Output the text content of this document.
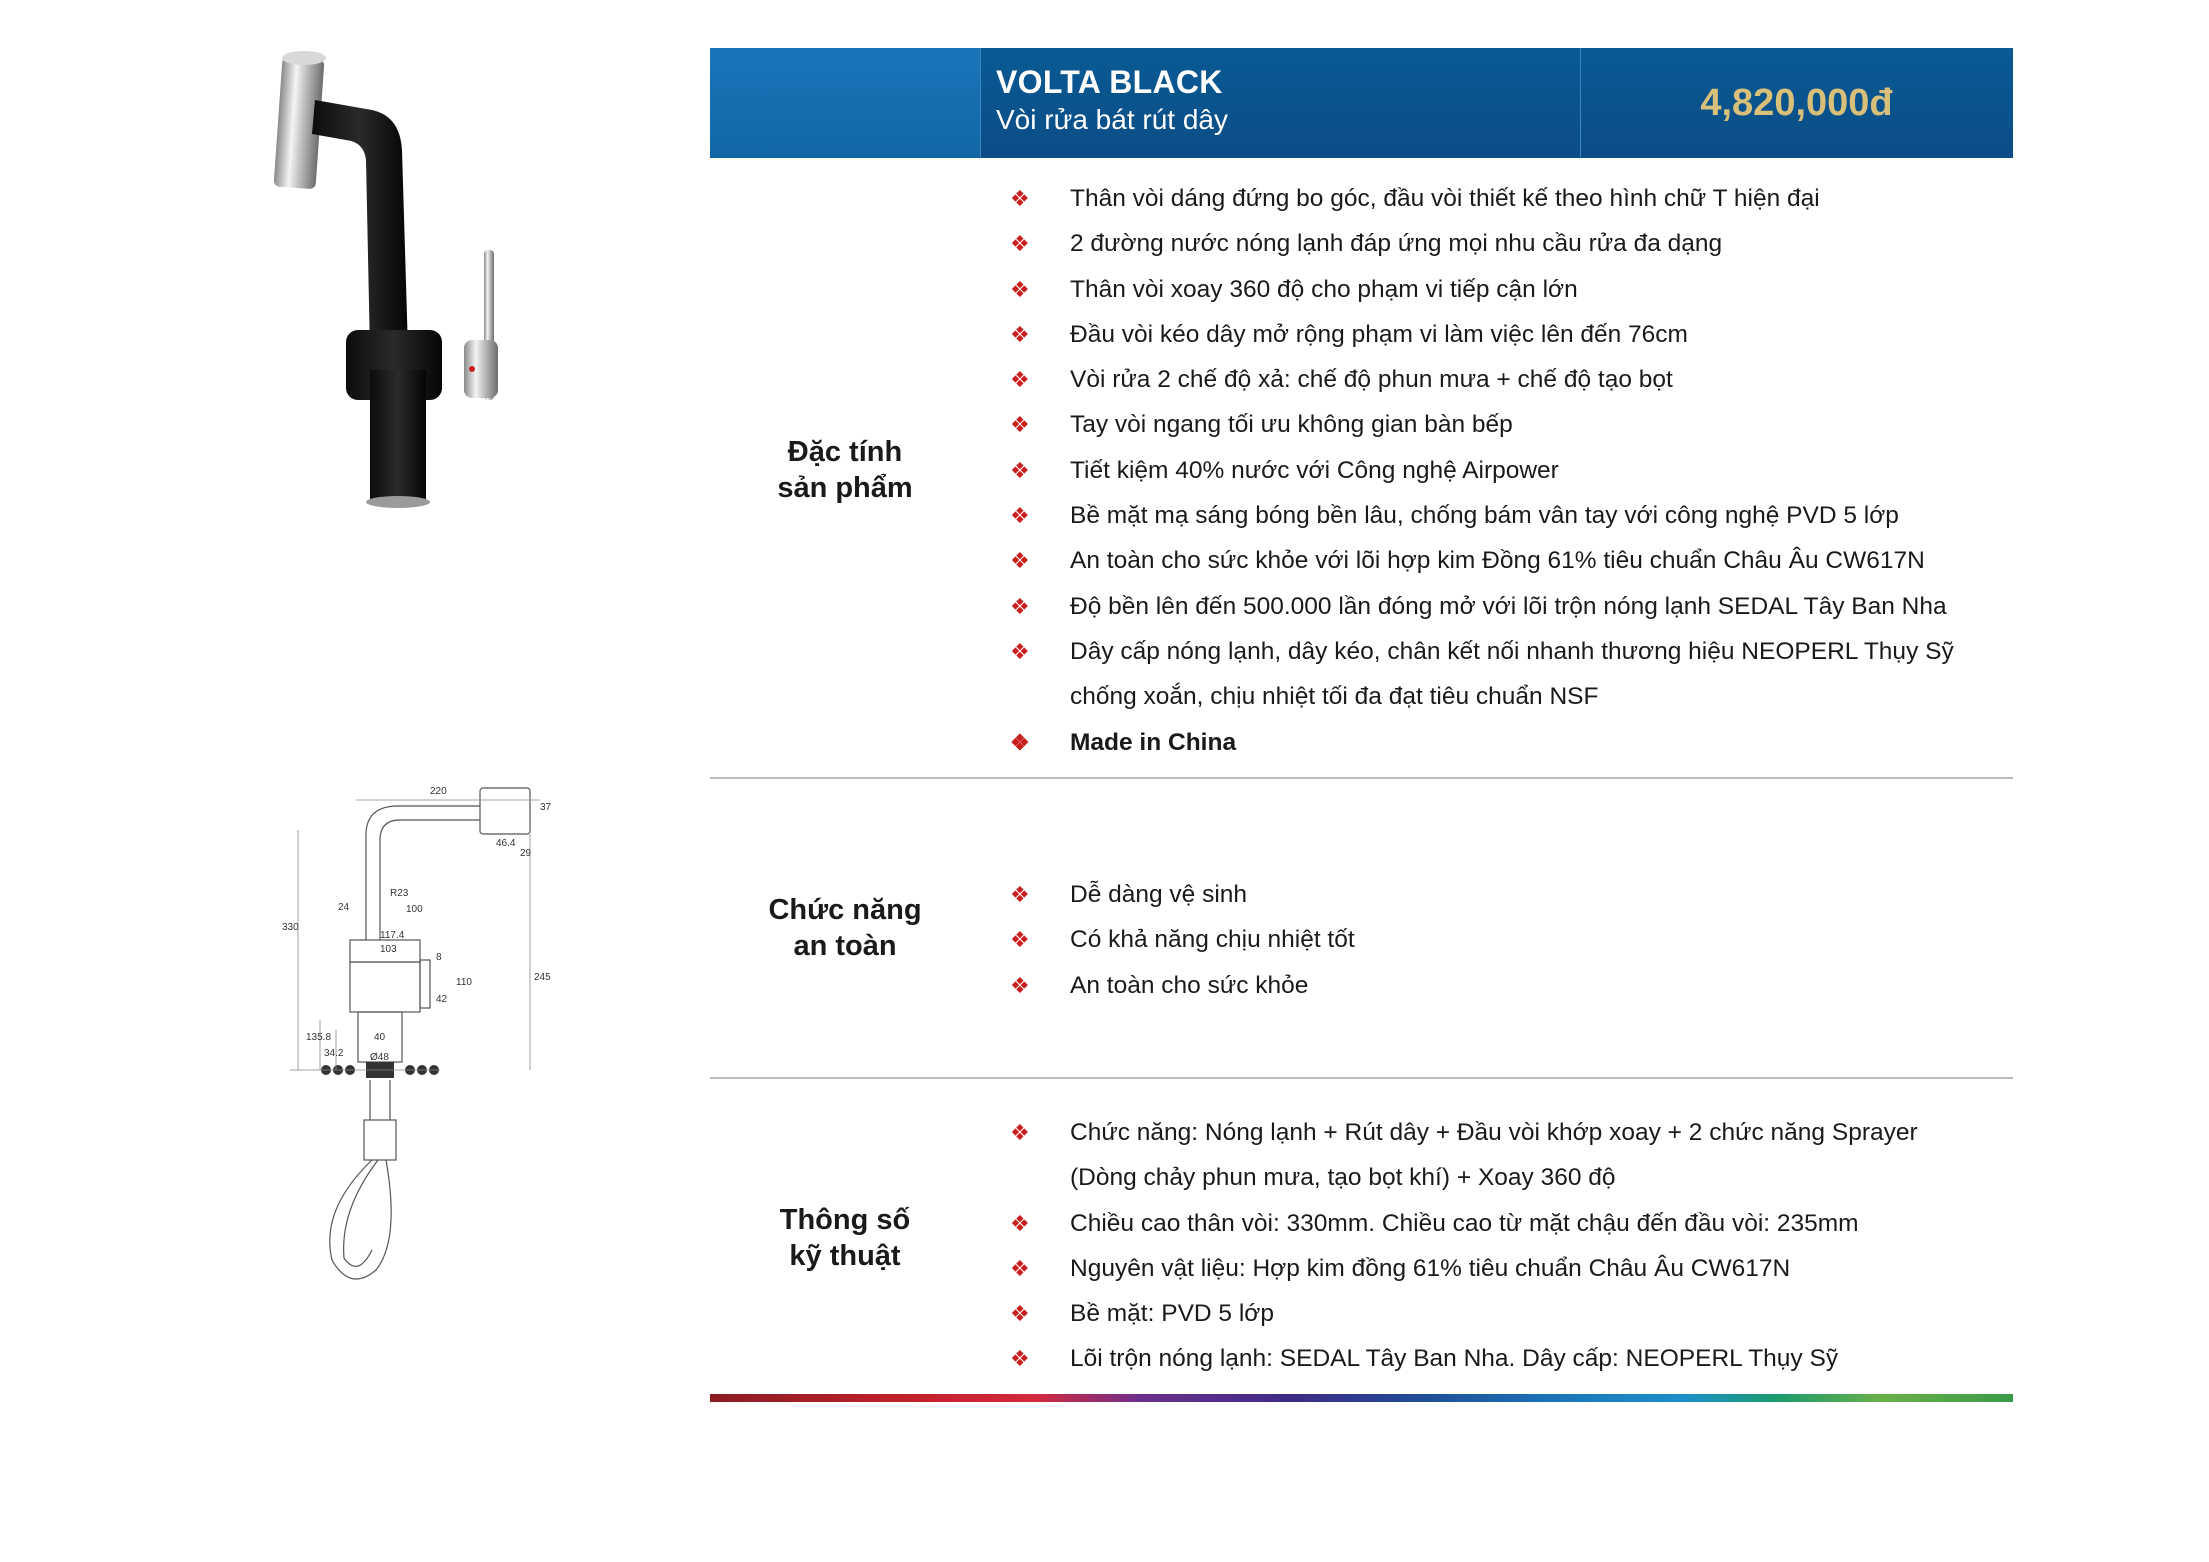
VOLTA BLACK
Vòi rửa bát rút dây	4,820,000đ
Đặc tính
sản phẩm
❖ Thân vòi dáng đứng bo góc, đầu vòi thiết kế theo hình chữ T hiện đại
❖ 2 đường nước nóng lạnh đáp ứng mọi nhu cầu rửa đa dạng
❖ Thân vòi xoay 360 độ cho phạm vi tiếp cận lớn
❖ Đầu vòi kéo dây mở rộng phạm vi làm việc lên đến 76cm
❖ Vòi rửa 2 chế độ xả: chế độ phun mưa + chế độ tạo bọt
❖ Tay vòi ngang tối ưu không gian bàn bếp
❖ Tiết kiệm 40% nước với Công nghệ Airpower
❖ Bề mặt mạ sáng bóng bền lâu, chống bám vân tay với công nghệ PVD 5 lớp
❖ An toàn cho sức khỏe với lõi hợp kim Đồng 61% tiêu chuẩn Châu Âu CW617N
❖ Độ bền lên đến 500.000 lần đóng mở với lõi trộn nóng lạnh SEDAL Tây Ban Nha
❖ Dây cấp nóng lạnh, dây kéo, chân kết nối nhanh thương hiệu NEOPERL Thụy Sỹ
chống xoắn, chịu nhiệt tối đa đạt tiêu chuẩn NSF
❖ Made in China
220
330
245
24
R23
100
117.4
103
8
110
42
135.8
34.2
40
Ø48
37
46.4
29
Chức năng
an toàn
❖ Dễ dàng vệ sinh
❖ Có khả năng chịu nhiệt tốt
❖ An toàn cho sức khỏe
Thông số
kỹ thuật
❖ Chức năng: Nóng lạnh + Rút dây + Đầu vòi khớp xoay + 2 chức năng Sprayer
(Dòng chảy phun mưa, tạo bọt khí) + Xoay 360 độ
❖ Chiều cao thân vòi: 330mm. Chiều cao từ mặt chậu đến đầu vòi: 235mm
❖ Nguyên vật liệu: Hợp kim đồng 61% tiêu chuẩn Châu Âu CW617N
❖ Bề mặt: PVD 5 lớp
❖ Lõi trộn nóng lạnh: SEDAL Tây Ban Nha. Dây cấp: NEOPERL Thụy Sỹ
